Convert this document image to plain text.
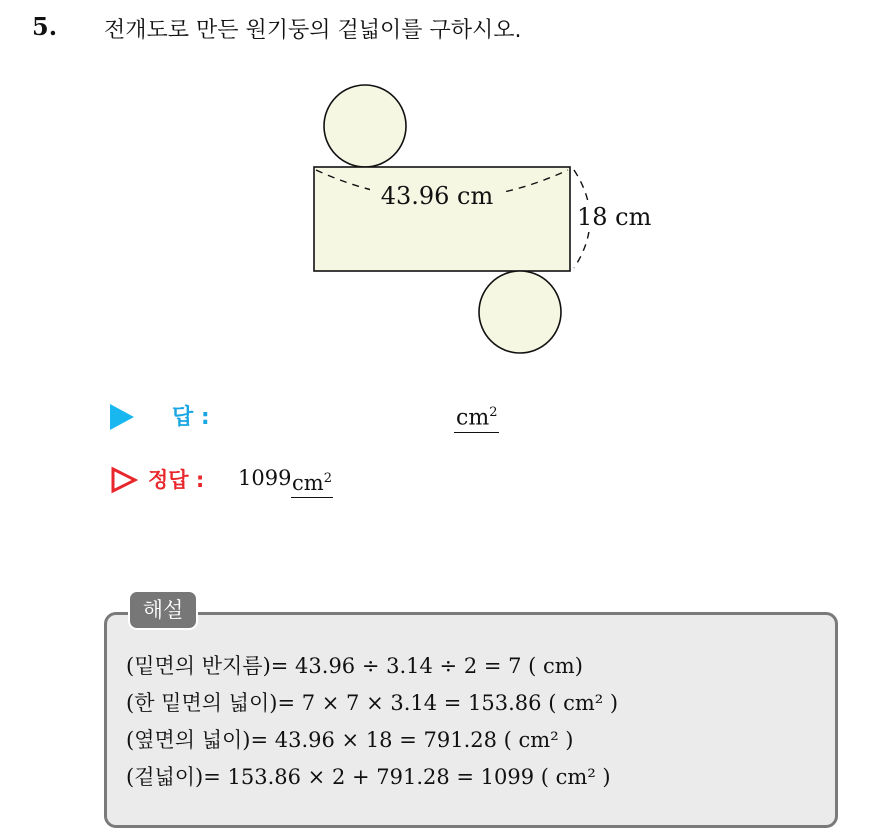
5. 전개도로 만든 원기둥의 겉넓이를 구하시오.
43.96 cm
18 cm
답 :	$cm^2$
정답 : 1099 $cm^2$
해설
(밑면의 반지름)= 43.96 ÷ 3.14 ÷ 2 = 7 ( cm)
(한 밑면의 넓이)= 7 × 7 × 3.14 = 153.86 ( cm² )
(옆면의 넓이)= 43.96 × 18 = 791.28 ( cm² )
(겉넓이)= 153.86 × 2 + 791.28 = 1099 ( cm² )
